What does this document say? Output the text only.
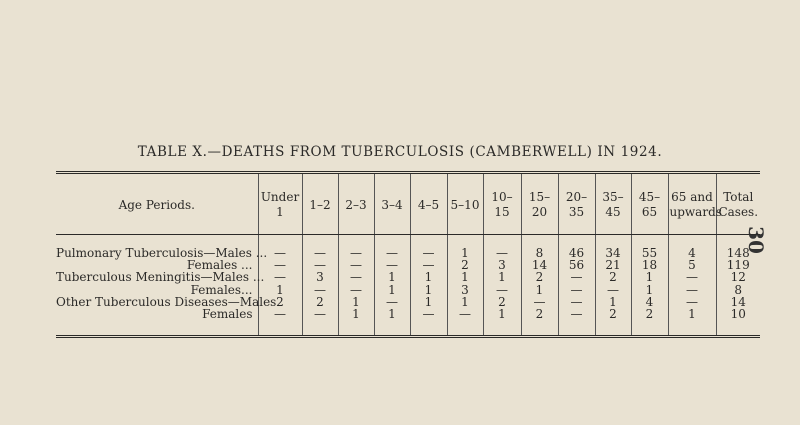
30
TABLE X.—DEATHS FROM TUBERCULOSIS (CAMBERWELL) IN 1924.
Age Periods.	Under 1	1–2	2–3	3–4	4–5	5–10	10–15	15–20	20–35	35–45	45–65	65 and upwards	Total Cases.
Pulmonary Tuberculosis—Males ...	—	—	—	—	—	1	—	8	46	34	55	4	148
Females ...	—	—	—	—	—	2	3	14	56	21	18	5	119
Tuberculous Meningitis—Males ...	—	3	—	1	1	1	1	2	—	2	1	—	12
Females...	1	—	—	1	1	3	—	1	—	—	1	—	8
Other Tuberculous Diseases—Males	2	2	1	—	1	1	2	—	—	1	4	—	14
Females	—	—	1	1	—	—	1	2	—	2	2	1	10
